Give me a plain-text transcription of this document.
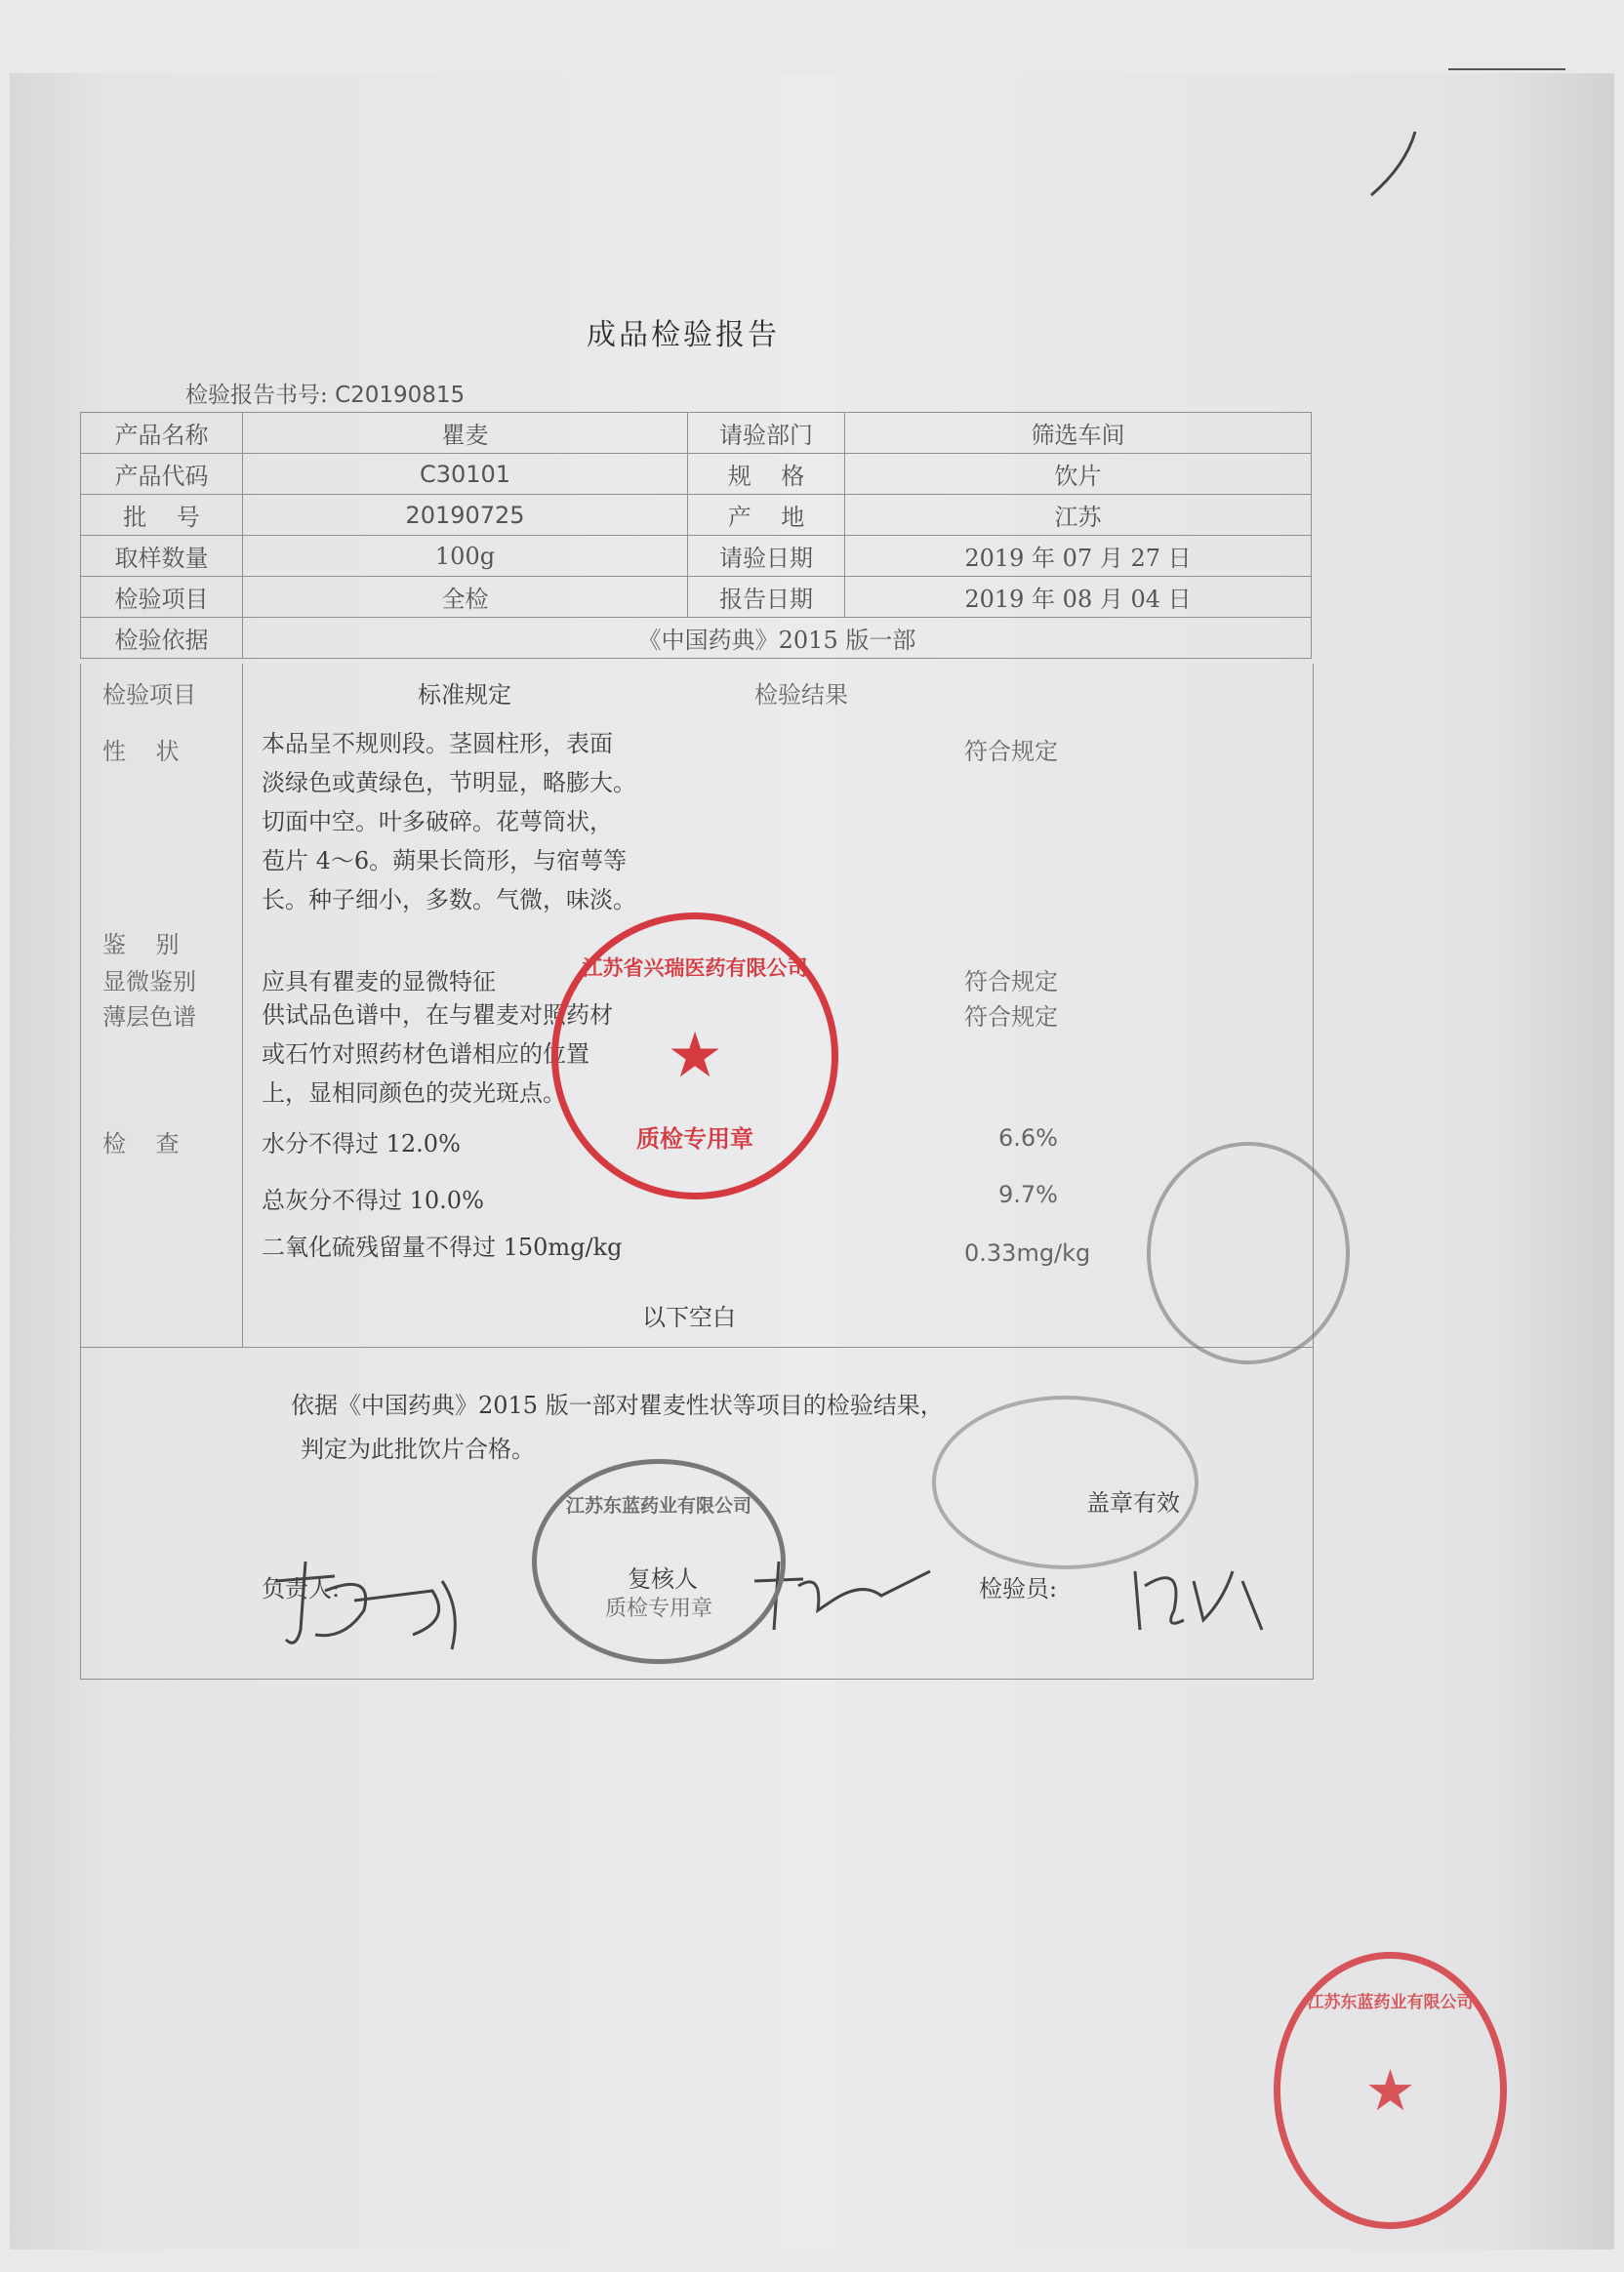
成品检验报告
检验报告书号: C20190815
产品名称	瞿麦	请验部门	筛选车间
产品代码	C30101	规    格	饮片
批    号	20190725	产    地	江苏
取样数量	100g	请验日期	2019 年 07 月 27 日
检验项目	全检	报告日期	2019 年 08 月 04 日
检验依据	《中国药典》2015 版一部		
检验项目	标准规定	检验结果
性    状	本品呈不规则段。茎圆柱形，表面
淡绿色或黄绿色，节明显，略膨大。
切面中空。叶多破碎。花萼筒状，
苞片 4～6。蒴果长筒形，与宿萼等
长。种子细小，多数。气微，味淡。
符合规定
鉴    别
显微鉴别	应具有瞿麦的显微特征	符合规定
薄层色谱	供试品色谱中，在与瞿麦对照药材
或石竹对照药材色谱相应的位置
上，显相同颜色的荧光斑点。
符合规定
检    查	水分不得过 12.0%	6.6%
总灰分不得过 10.0%	9.7%
二氧化硫残留量不得过 150mg/kg	0.33mg/kg
以下空白
依据《中国药典》2015 版一部对瞿麦性状等项目的检验结果，
判定为此批饮片合格。
盖章有效
负责人:	复核人	检验员:
江苏省兴瑞医药有限公司
★
质检专用章
江苏东蓝药业有限公司
质检专用章
江苏东蓝药业有限公司
★
